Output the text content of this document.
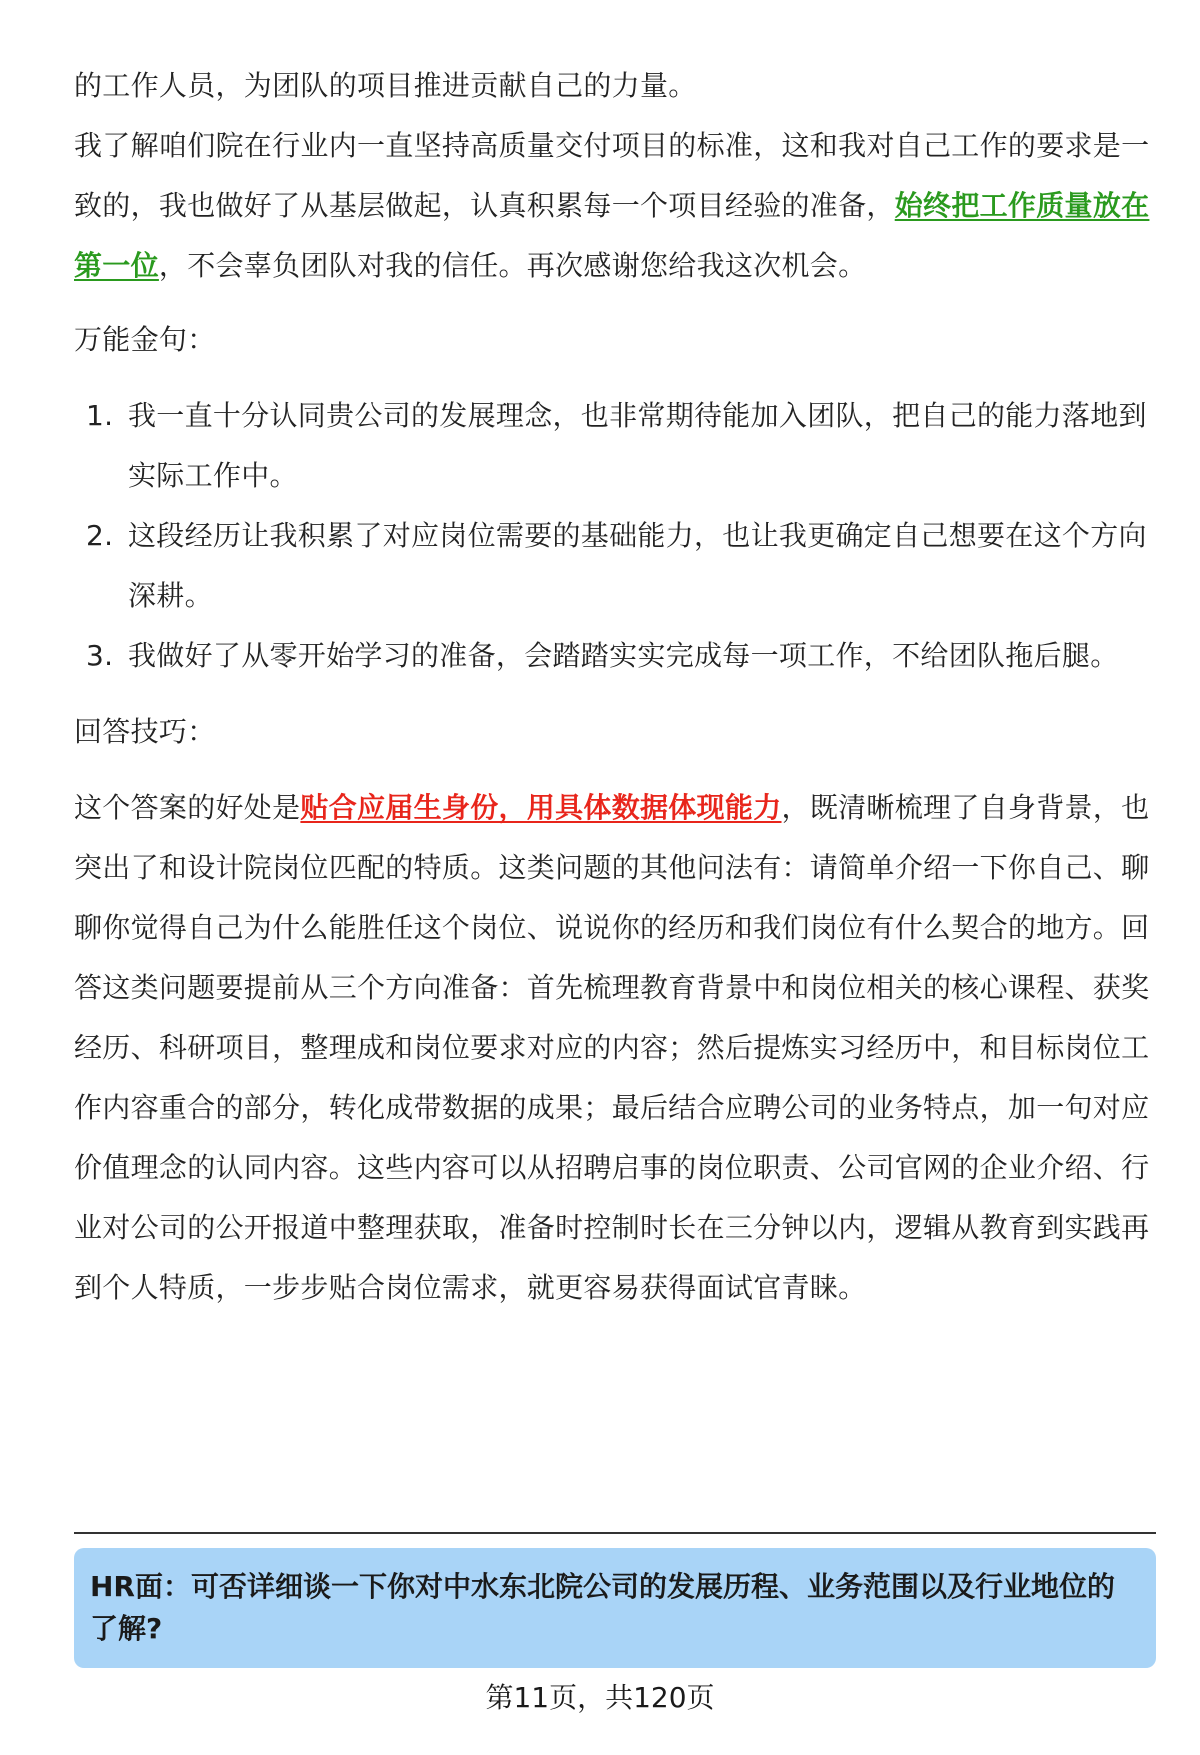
的工作人员，为团队的项目推进贡献自己的力量。

我了解咱们院在行业内一直坚持高质量交付项目的标准，这和我对自己工作的要求是一致的，我也做好了从基层做起，认真积累每一个项目经验的准备，始终把工作质量放在第一位，不会辜负团队对我的信任。再次感谢您给我这次机会。

万能金句：

1. 我一直十分认同贵公司的发展理念，也非常期待能加入团队，把自己的能力落地到实际工作中。
2. 这段经历让我积累了对应岗位需要的基础能力，也让我更确定自己想要在这个方向深耕。
3. 我做好了从零开始学习的准备，会踏踏实实完成每一项工作，不给团队拖后腿。

回答技巧：

这个答案的好处是贴合应届生身份，用具体数据体现能力，既清晰梳理了自身背景，也突出了和设计院岗位匹配的特质。这类问题的其他问法有：请简单介绍一下你自己、聊聊你觉得自己为什么能胜任这个岗位、说说你的经历和我们岗位有什么契合的地方。回答这类问题要提前从三个方向准备：首先梳理教育背景中和岗位相关的核心课程、获奖经历、科研项目，整理成和岗位要求对应的内容；然后提炼实习经历中，和目标岗位工作内容重合的部分，转化成带数据的成果；最后结合应聘公司的业务特点，加一句对应价值理念的认同内容。这些内容可以从招聘启事的岗位职责、公司官网的企业介绍、行业对公司的公开报道中整理获取，准备时控制时长在三分钟以内，逻辑从教育到实践再到个人特质，一步步贴合岗位需求，就更容易获得面试官青睐。

HR面：可否详细谈一下你对中水东北院公司的发展历程、业务范围以及行业地位的了解?
第11页，共120页
